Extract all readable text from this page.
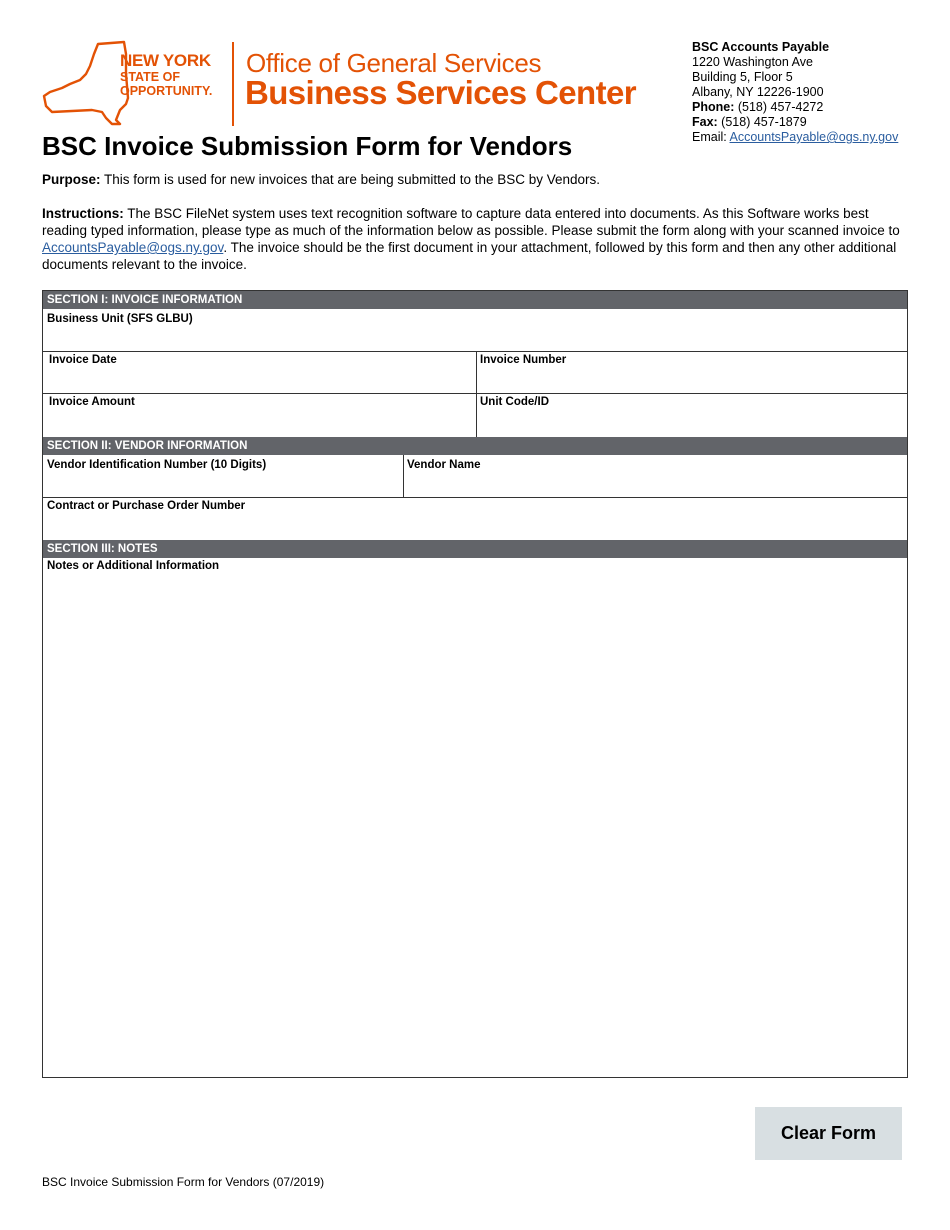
NEW YORK
STATE OF
OPPORTUNITY.
Office of General Services
Business Services Center
BSC Accounts Payable
1220 Washington Ave
Building 5, Floor 5
Albany, NY 12226-1900
Phone: (518) 457-4272
Fax: (518) 457-1879
Email: AccountsPayable@ogs.ny.gov
BSC Invoice Submission Form for Vendors
Purpose: This form is used for new invoices that are being submitted to the BSC by Vendors.
Instructions: The BSC FileNet system uses text recognition software to capture data entered into documents. As this Software works best reading typed information, please type as much of the information below as possible. Please submit the form along with your scanned invoice to AccountsPayable@ogs.ny.gov. The invoice should be the first document in your attachment, followed by this form and then any other additional documents relevant to the invoice.
SECTION I: INVOICE INFORMATION
Business Unit (SFS GLBU)
Invoice Date	Invoice Number
Invoice Amount	Unit Code/ID
SECTION II: VENDOR INFORMATION
Vendor Identification Number (10 Digits)	Vendor Name
Contract or Purchase Order Number
SECTION III: NOTES
Notes or Additional Information
Clear Form
BSC Invoice Submission Form for Vendors (07/2019)
